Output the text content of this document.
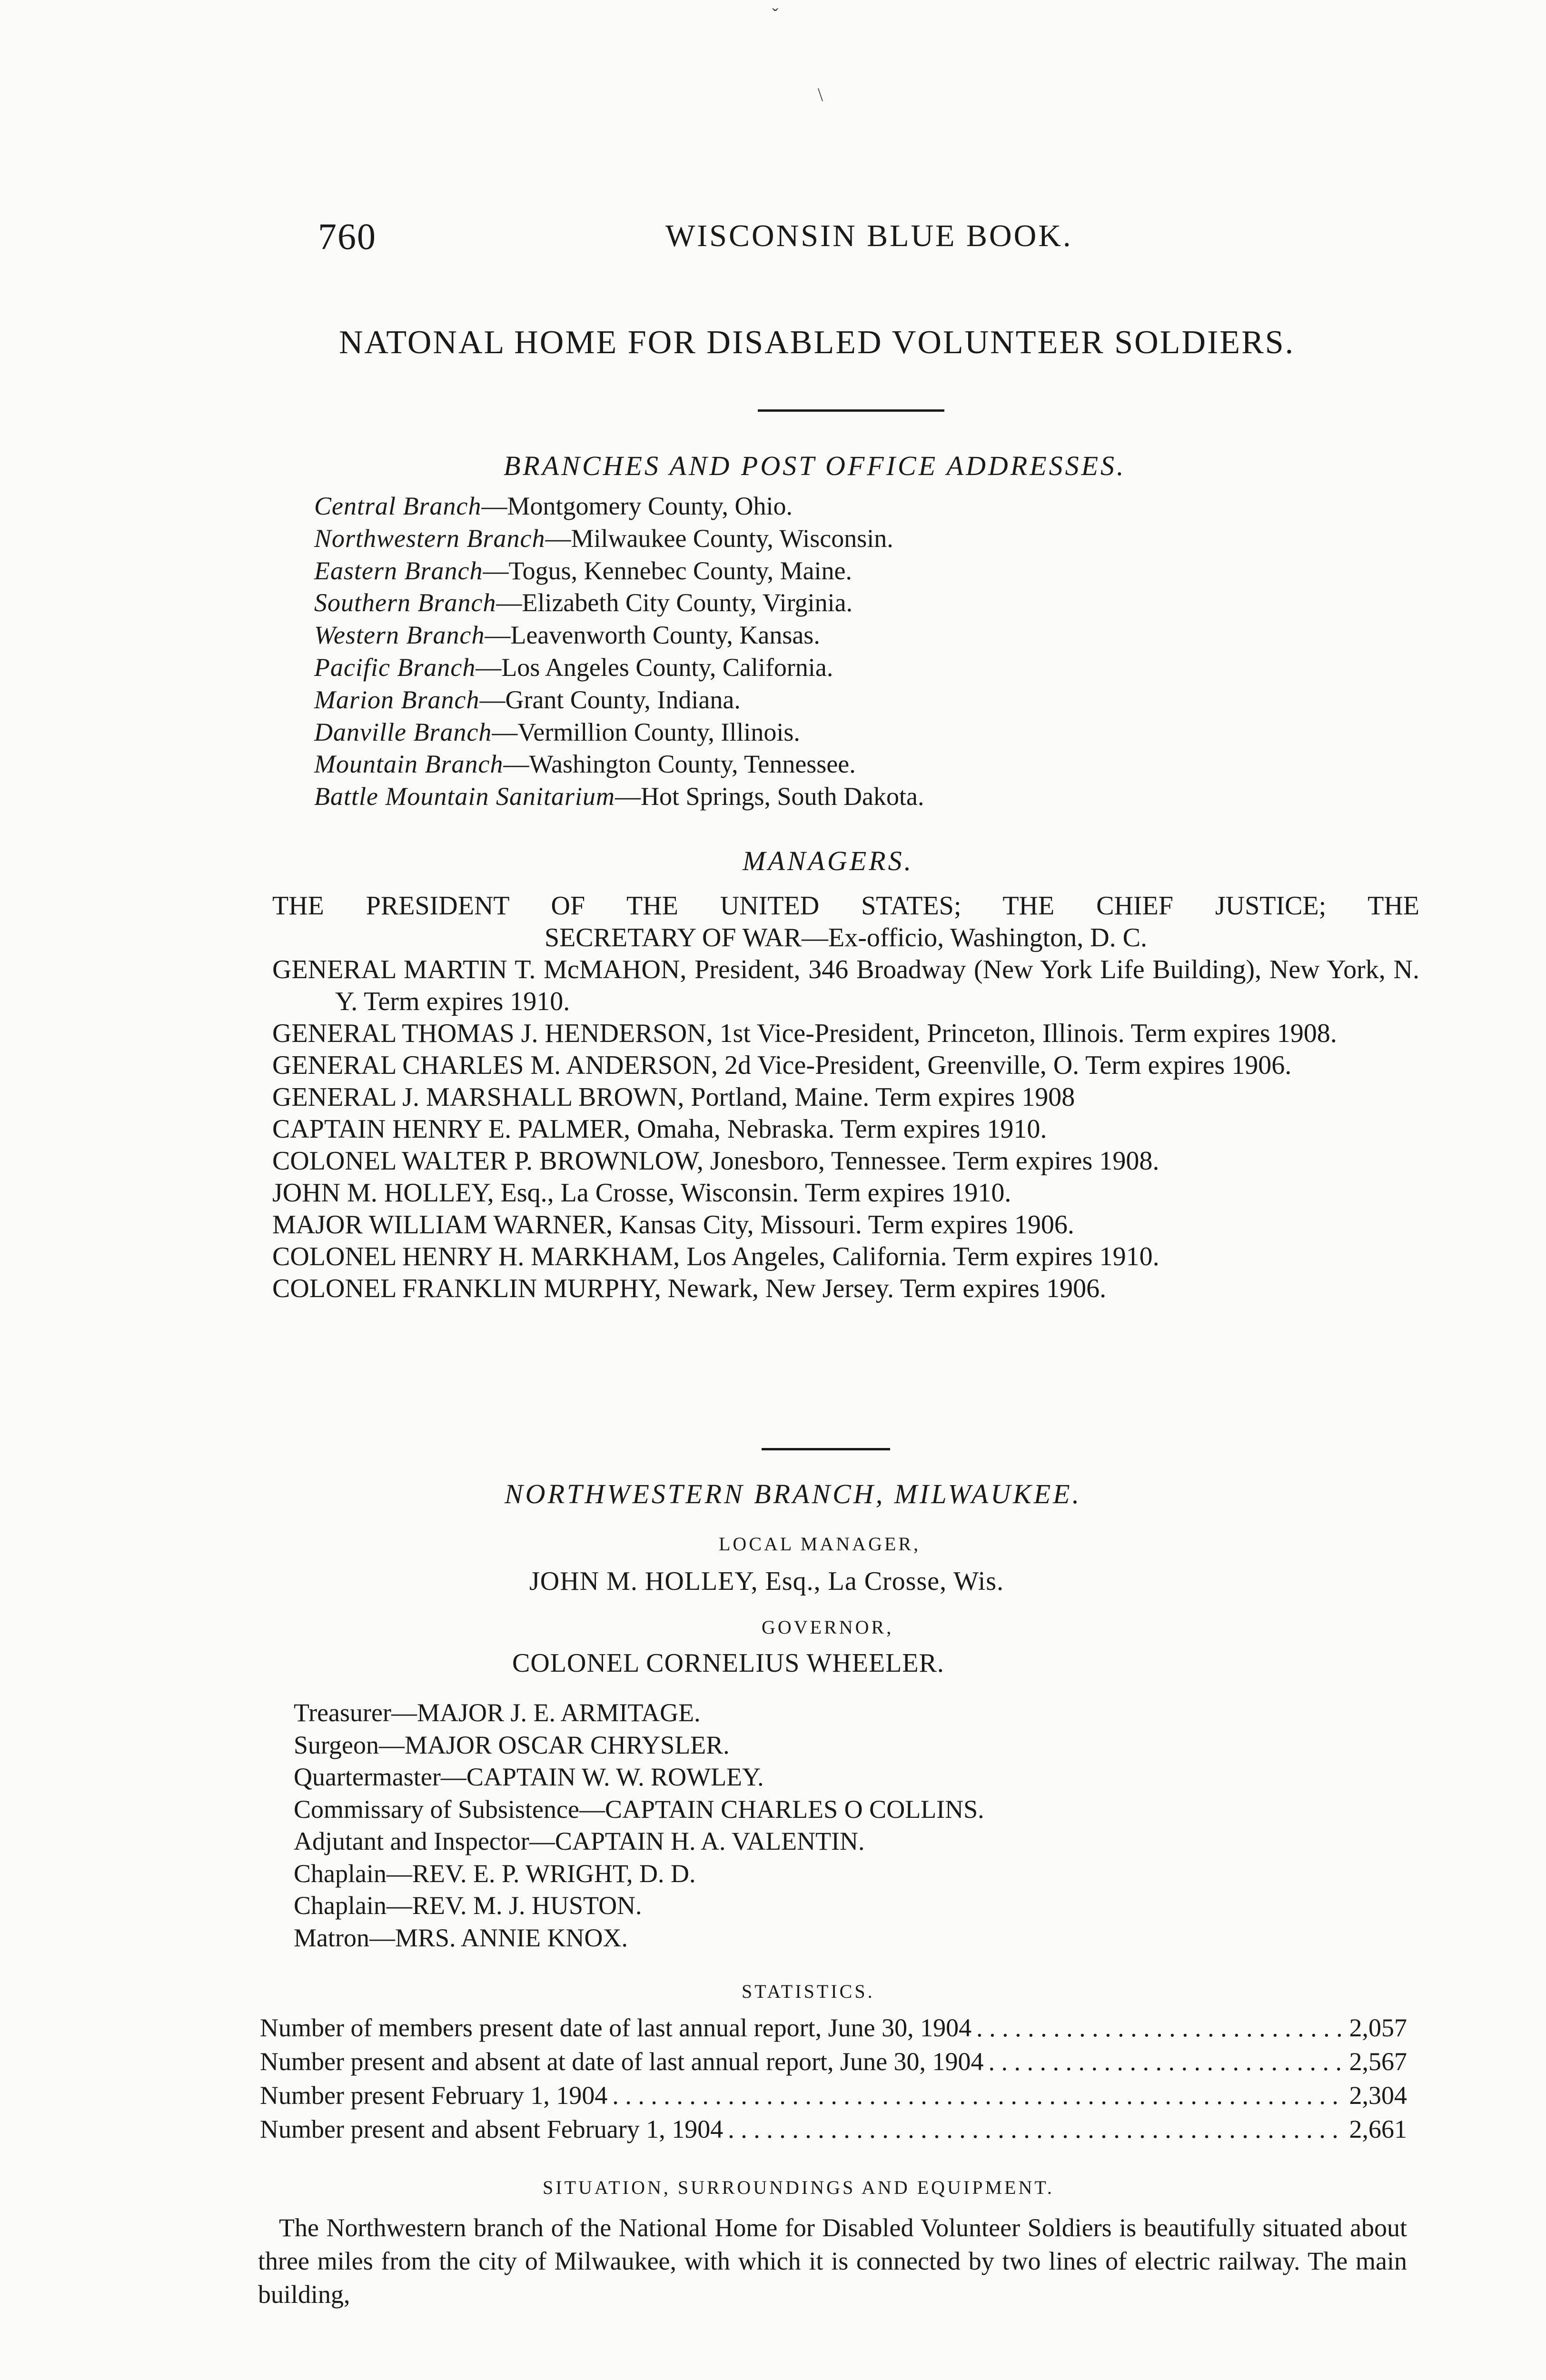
ˇ
\
760	WISCONSIN BLUE BOOK.
NATONAL HOME FOR DISABLED VOLUNTEER SOLDIERS.
BRANCHES AND POST OFFICE ADDRESSES.
Central Branch—Montgomery County, Ohio.
Northwestern Branch—Milwaukee County, Wisconsin.
Eastern Branch—Togus, Kennebec County, Maine.
Southern Branch—Elizabeth City County, Virginia.
Western Branch—Leavenworth County, Kansas.
Pacific Branch—Los Angeles County, California.
Marion Branch—Grant County, Indiana.
Danville Branch—Vermillion County, Illinois.
Mountain Branch—Washington County, Tennessee.
Battle Mountain Sanitarium—Hot Springs, South Dakota.
MANAGERS.
THE PRESIDENT OF THE UNITED STATES; THE CHIEF JUSTICE; THE
SECRETARY OF WAR—Ex-officio, Washington, D. C.
GENERAL MARTIN T. McMAHON, President, 346 Broadway (New York Life Building), New York, N. Y. Term expires 1910.
GENERAL THOMAS J. HENDERSON, 1st Vice-President, Princeton, Illinois. Term expires 1908.
GENERAL CHARLES M. ANDERSON, 2d Vice-President, Greenville, O. Term expires 1906.
GENERAL J. MARSHALL BROWN, Portland, Maine. Term expires 1908
CAPTAIN HENRY E. PALMER, Omaha, Nebraska. Term expires 1910.
COLONEL WALTER P. BROWNLOW, Jonesboro, Tennessee. Term expires 1908.
JOHN M. HOLLEY, Esq., La Crosse, Wisconsin. Term expires 1910.
MAJOR WILLIAM WARNER, Kansas City, Missouri. Term expires 1906.
COLONEL HENRY H. MARKHAM, Los Angeles, California. Term expires 1910.
COLONEL FRANKLIN MURPHY, Newark, New Jersey. Term expires 1906.
NORTHWESTERN BRANCH, MILWAUKEE.
LOCAL MANAGER,
JOHN M. HOLLEY, Esq., La Crosse, Wis.
GOVERNOR,
COLONEL CORNELIUS WHEELER.
Treasurer—MAJOR J. E. ARMITAGE.
Surgeon—MAJOR OSCAR CHRYSLER.
Quartermaster—CAPTAIN W. W. ROWLEY.
Commissary of Subsistence—CAPTAIN CHARLES O COLLINS.
Adjutant and Inspector—CAPTAIN H. A. VALENTIN.
Chaplain—REV. E. P. WRIGHT, D. D.
Chaplain—REV. M. J. HUSTON.
Matron—MRS. ANNIE KNOX.
STATISTICS.
Number of members present date of last annual report, June 30, 1904 . . .	2,057
Number present and absent at date of last annual report, June 30, 1904 . . .	2,567
Number present February 1, 1904 . . .	2,304
Number present and absent February 1, 1904 . . .	2,661
SITUATION, SURROUNDINGS AND EQUIPMENT.
The Northwestern branch of the National Home for Disabled Volunteer Soldiers is beautifully situated about three miles from the city of Milwaukee, with which it is connected by two lines of electric railway. The main building,
